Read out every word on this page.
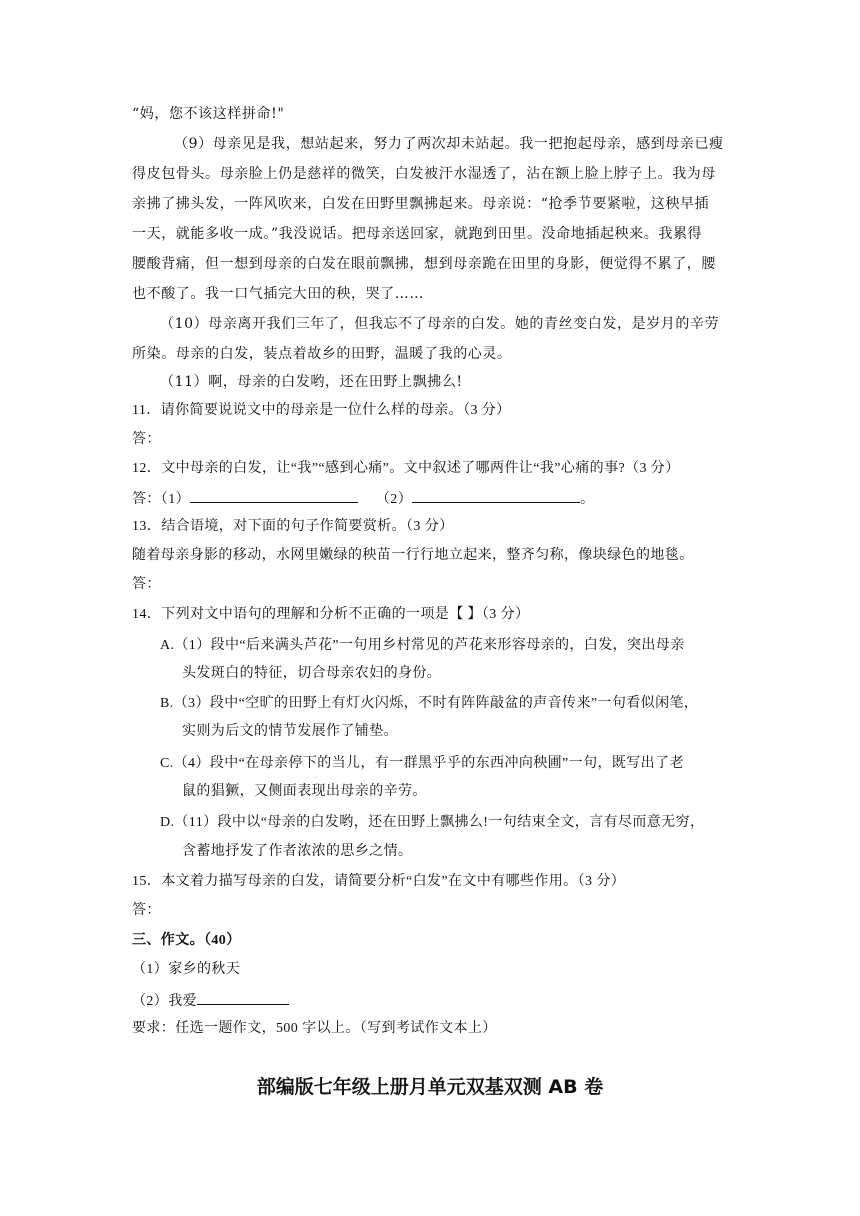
“妈，您不该这样拼命!"
（9）母亲见是我，想站起来，努力了两次却未站起。我一把抱起母亲，感到母亲已瘦
得皮包骨头。母亲脸上仍是慈祥的微笑，白发被汗水湿透了，沾在额上脸上脖子上。我为母
亲拂了拂头发，一阵风吹来，白发在田野里飘拂起来。母亲说：“抢季节要紧啦，这秧早插
一天，就能多收一成。”我没说话。把母亲送回家，就跑到田里。没命地插起秧来。我累得
腰酸背痛，但一想到母亲的白发在眼前飘拂，想到母亲跪在田里的身影，便觉得不累了，腰
也不酸了。我一口气插完大田的秧，哭了……
（10）母亲离开我们三年了，但我忘不了母亲的白发。她的青丝变白发，是岁月的辛劳
所染。母亲的白发，装点着故乡的田野，温暖了我的心灵。
（11）啊，母亲的白发哟，还在田野上飘拂么!
11．请你简要说说文中的母亲是一位什么样的母亲。（3 分）
答：
12．文中母亲的白发，让“我”“感到心痛”。文中叙述了哪两件让“我”心痛的事?（3 分）
答：（1）	（2）	。
13．结合语境，对下面的句子作简要赏析。（3 分）
随着母亲身影的移动，水网里嫩绿的秧苗一行行地立起来，整齐匀称，像块绿色的地毯。
答：
14．下列对文中语句的理解和分析不正确的一项是【 】（3 分）
A.（1）段中“后来满头芦花”一句用乡村常见的芦花来形容母亲的，白发，突出母亲
头发斑白的特征，切合母亲农妇的身份。
B.（3）段中“空旷的田野上有灯火闪烁，不时有阵阵敲盆的声音传来”一句看似闲笔，
实则为后文的情节发展作了铺垫。
C.（4）段中“在母亲停下的当儿，有一群黑乎乎的东西冲向秧圃”一句，既写出了老
鼠的猖獗，又侧面表现出母亲的辛劳。
D.（11）段中以“母亲的白发哟，还在田野上飘拂么!一句结束全文，言有尽而意无穷，
含蓄地抒发了作者浓浓的思乡之情。
15．本文着力描写母亲的白发，请简要分析“白发”在文中有哪些作用。（3 分）
答：
三、作文。（40）
（1）家乡的秋天
（2）我爱
要求：任选一题作文，500 字以上。（写到考试作文本上）
部编版七年级上册月单元双基双测 AB 卷
